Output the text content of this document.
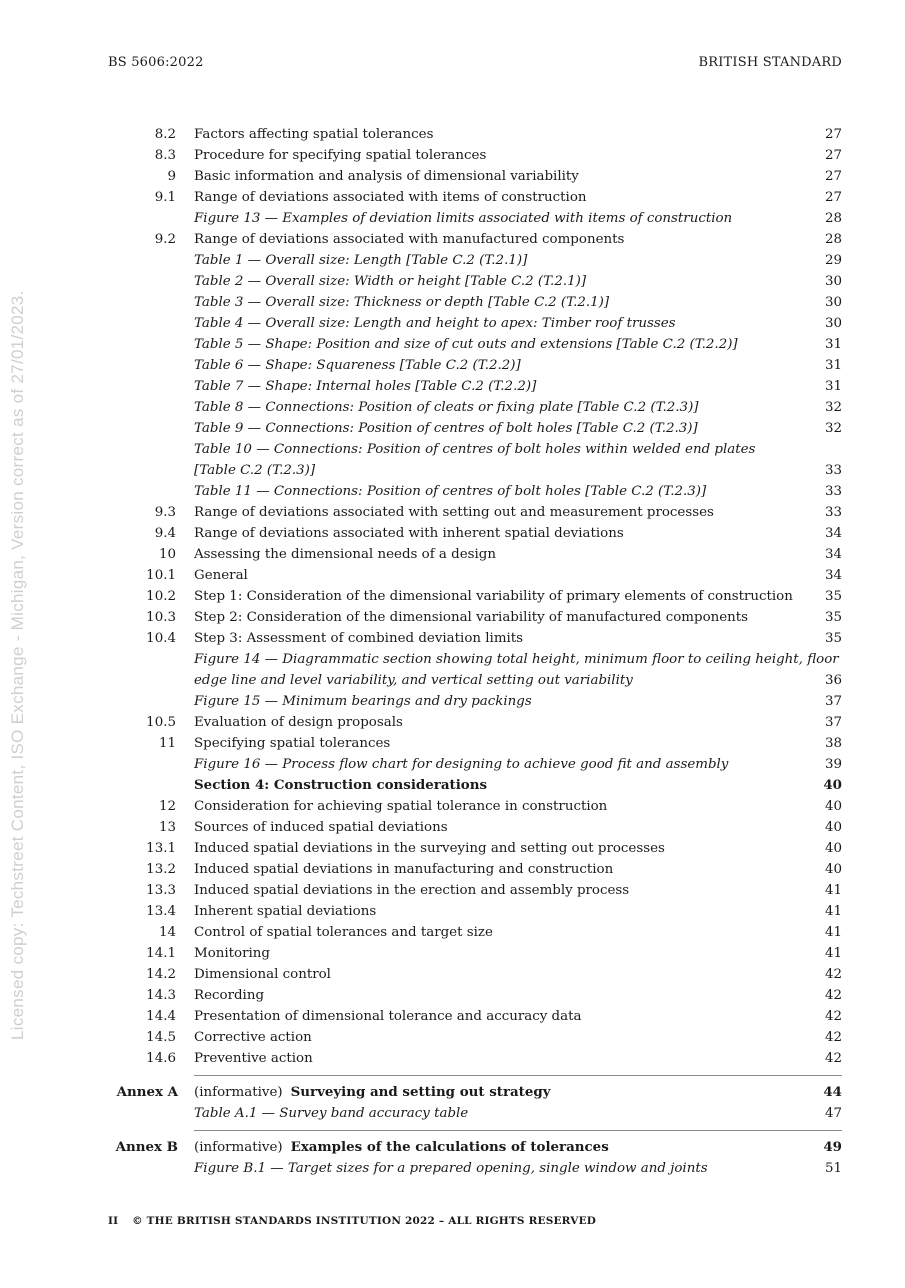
BS 5606:2022	BRITISH STANDARD
Licensed copy: Techstreet Content, ISO Exchange - Michigan, Version correct as of 27/01/2023.
8.2 Factors affecting spatial tolerances	27
8.3 Procedure for specifying spatial tolerances	27
9 Basic information and analysis of dimensional variability	27
9.1 Range of deviations associated with items of construction	27
Figure 13 — Examples of deviation limits associated with items of construction	28
9.2 Range of deviations associated with manufactured components	28
Table 1 — Overall size: Length [Table C.2 (T.2.1)]	29
Table 2 — Overall size: Width or height [Table C.2 (T.2.1)]	30
Table 3 — Overall size: Thickness or depth [Table C.2 (T.2.1)]	30
Table 4 — Overall size: Length and height to apex: Timber roof trusses	30
Table 5 — Shape: Position and size of cut outs and extensions [Table C.2 (T.2.2)]	31
Table 6 — Shape: Squareness [Table C.2 (T.2.2)]	31
Table 7 — Shape: Internal holes [Table C.2 (T.2.2)]	31
Table 8 — Connections: Position of cleats or fixing plate [Table C.2 (T.2.3)]	32
Table 9 — Connections: Position of centres of bolt holes [Table C.2 (T.2.3)]	32
Table 10 — Connections: Position of centres of bolt holes within welded end plates
[Table C.2 (T.2.3)]	33
Table 11 — Connections: Position of centres of bolt holes [Table C.2 (T.2.3)]	33
9.3 Range of deviations associated with setting out and measurement processes	33
9.4 Range of deviations associated with inherent spatial deviations	34
10 Assessing the dimensional needs of a design	34
10.1 General	34
10.2 Step 1: Consideration of the dimensional variability of primary elements of construction	35
10.3 Step 2: Consideration of the dimensional variability of manufactured components	35
10.4 Step 3: Assessment of combined deviation limits	35
Figure 14 — Diagrammatic section showing total height, minimum floor to ceiling height, floor
edge line and level variability, and vertical setting out variability	36
Figure 15 — Minimum bearings and dry packings	37
10.5 Evaluation of design proposals	37
11 Specifying spatial tolerances	38
Figure 16 — Process flow chart for designing to achieve good fit and assembly	39
Section 4: Construction considerations	40
12 Consideration for achieving spatial tolerance in construction	40
13 Sources of induced spatial deviations	40
13.1 Induced spatial deviations in the surveying and setting out processes	40
13.2 Induced spatial deviations in manufacturing and construction	40
13.3 Induced spatial deviations in the erection and assembly process	41
13.4 Inherent spatial deviations	41
14 Control of spatial tolerances and target size	41
14.1 Monitoring	41
14.2 Dimensional control	42
14.3 Recording	42
14.4 Presentation of dimensional tolerance and accuracy data	42
14.5 Corrective action	42
14.6 Preventive action	42
Annex A (informative) Surveying and setting out strategy	44
Table A.1 — Survey band accuracy table	47
Annex B (informative) Examples of the calculations of tolerances	49
Figure B.1 — Target sizes for a prepared opening, single window and joints	51
II © THE BRITISH STANDARDS INSTITUTION 2022 – ALL RIGHTS RESERVED
